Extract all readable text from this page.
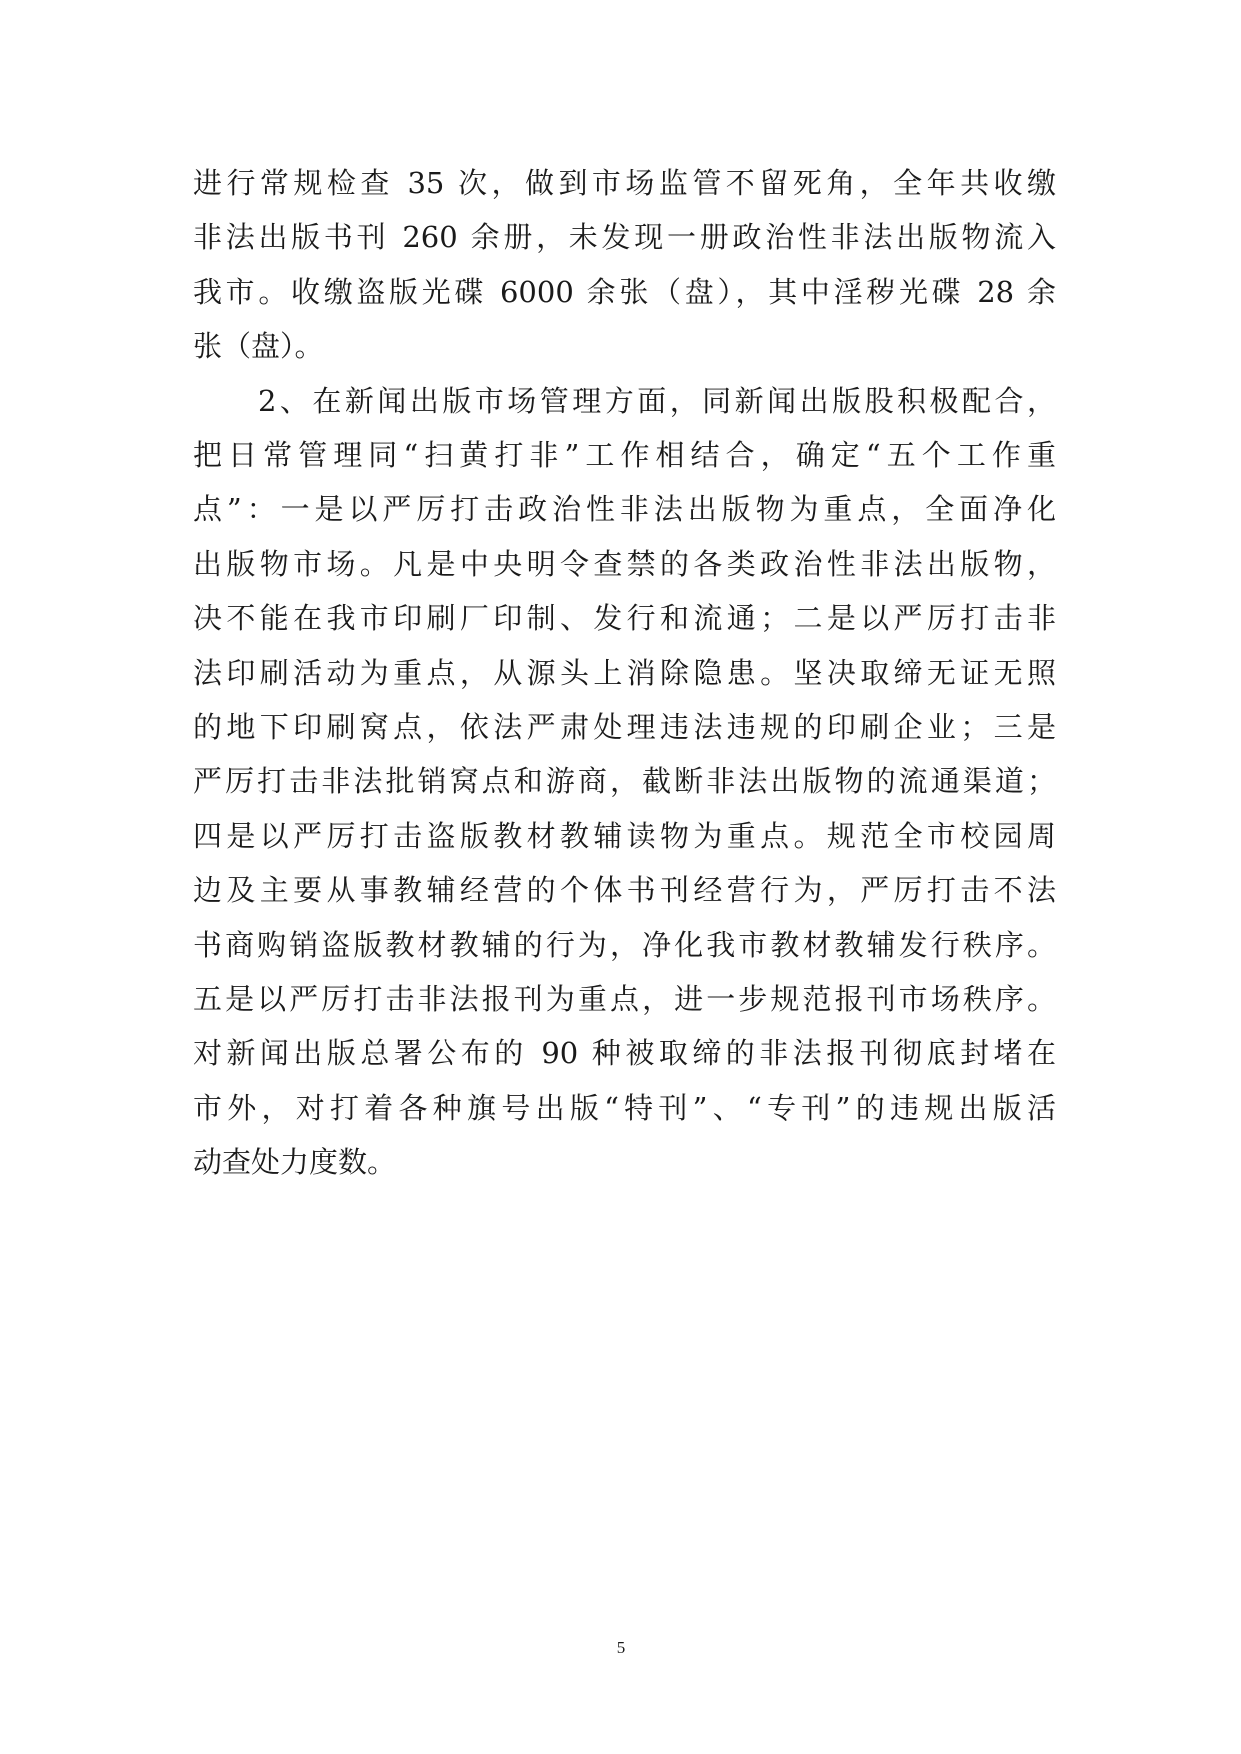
进行常规检查 35 次，做到市场监管不留死角，全年共收缴
非法出版书刊 260 余册，未发现一册政治性非法出版物流入
我市。收缴盗版光碟 6000 余张（盘），其中淫秽光碟 28 余
张（盘）。
2、在新闻出版市场管理方面，同新闻出版股积极配合，
把日常管理同“扫黄打非”工作相结合，确定“五个工作重
点”：一是以严厉打击政治性非法出版物为重点，全面净化
出版物市场。凡是中央明令查禁的各类政治性非法出版物，
决不能在我市印刷厂印制、发行和流通；二是以严厉打击非
法印刷活动为重点，从源头上消除隐患。坚决取缔无证无照
的地下印刷窝点，依法严肃处理违法违规的印刷企业；三是
严厉打击非法批销窝点和游商，截断非法出版物的流通渠道；
四是以严厉打击盗版教材教辅读物为重点。规范全市校园周
边及主要从事教辅经营的个体书刊经营行为，严厉打击不法
书商购销盗版教材教辅的行为，净化我市教材教辅发行秩序。
五是以严厉打击非法报刊为重点，进一步规范报刊市场秩序。
对新闻出版总署公布的 90 种被取缔的非法报刊彻底封堵在
市外，对打着各种旗号出版“特刊”、“专刊”的违规出版活
动查处力度数。
5
